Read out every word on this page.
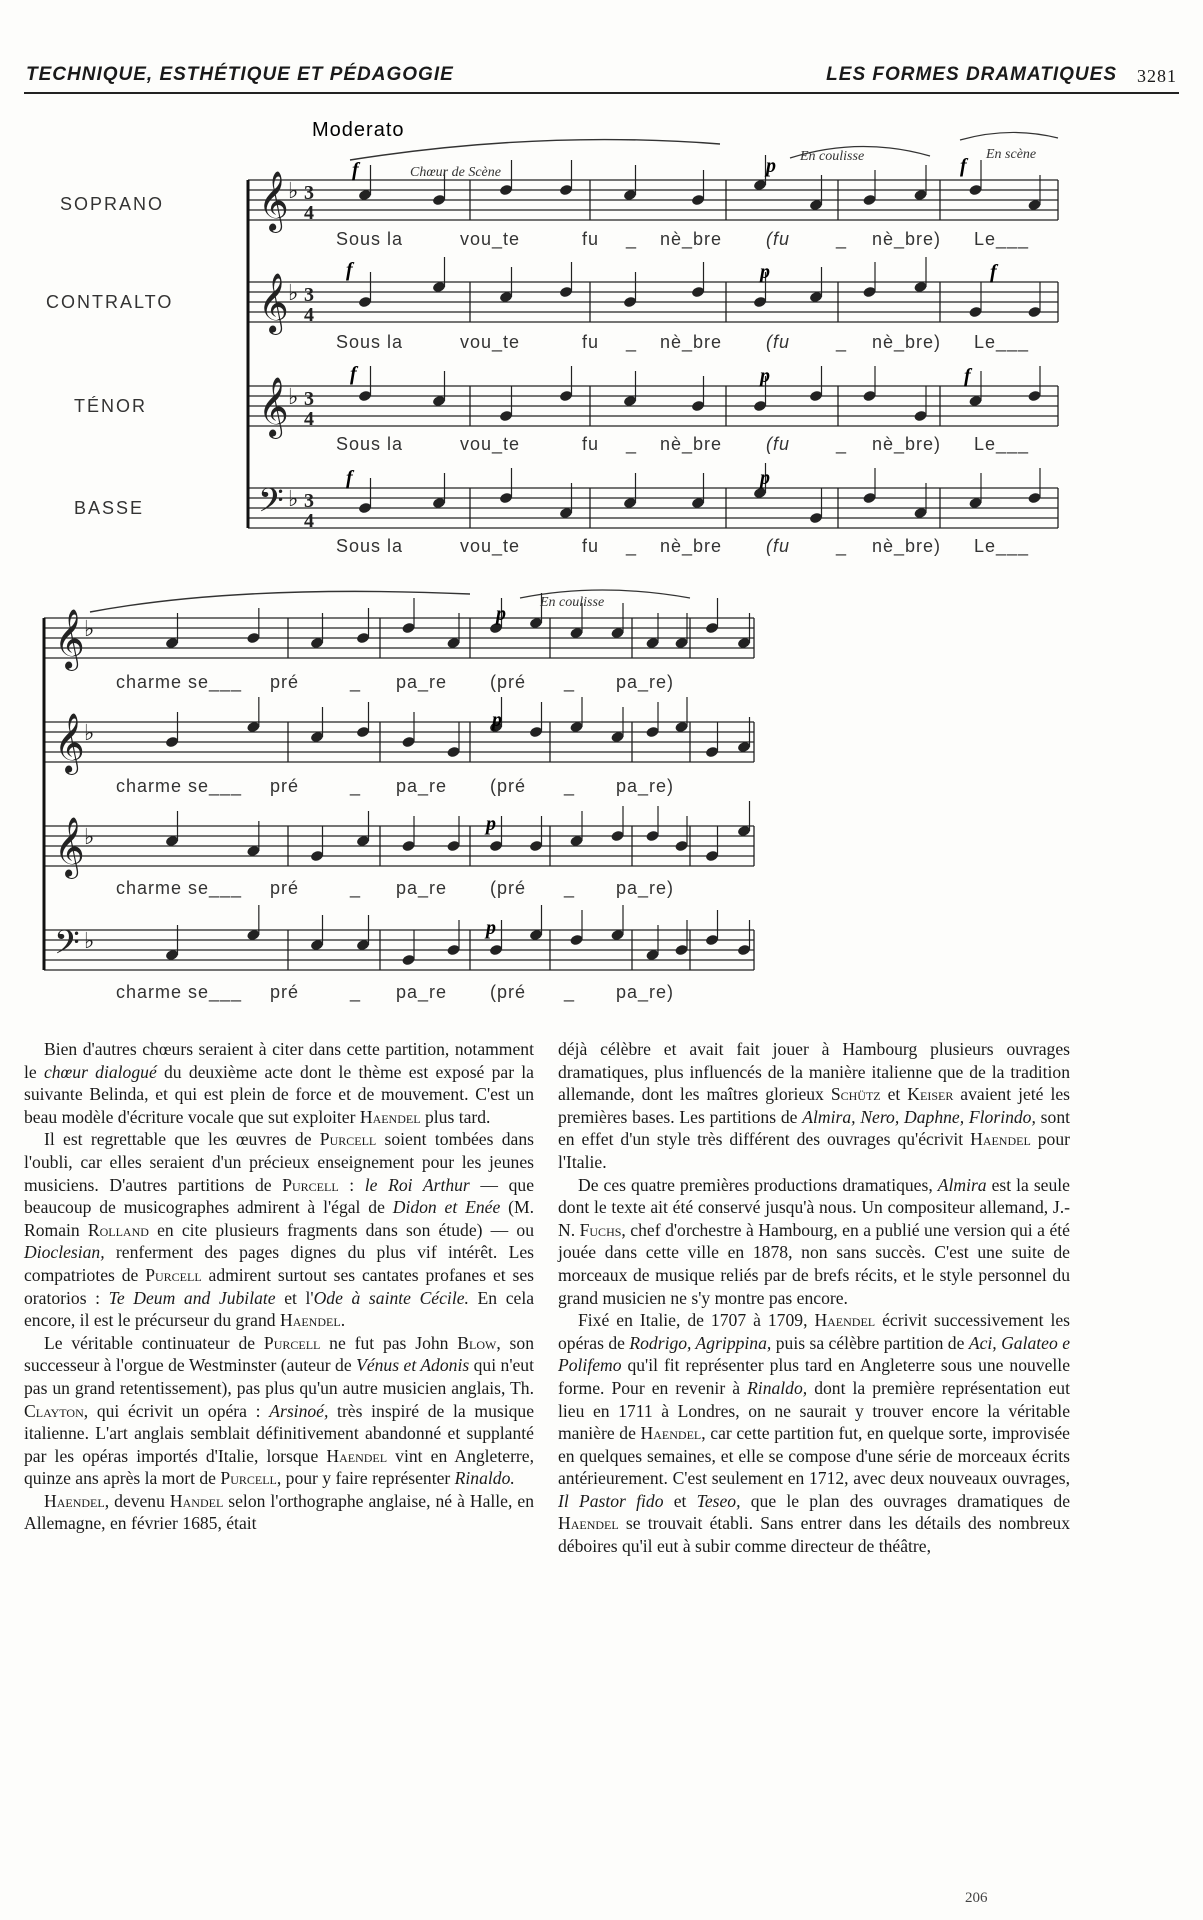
TECHNIQUE, ESTHÉTIQUE ET PÉDAGOGIE	LES FORMES DRAMATIQUES 3281
𝄞 ♭ 3
4
𝄞 ♭ 3
4
𝄞 ♭ 3
4
𝄢 ♭ 3
4
𝄞 ♭
𝄞 ♭
𝄞 ♭
𝄢 ♭
Moderato
SOPRANO
CONTRALTO
TÉNOR
BASSE
Chœur de Scène
En coulisse	En scène
En coulisse
f	p	f
f	p	f
f	p	f
f	p
p
p
p
p
Sous la	vou_te	fu _ nè_bre (fu	_ nè_bre) Le___
Sous la	vou_te	fu _ nè_bre (fu	_ nè_bre) Le___
Sous la	vou_te	fu _ nè_bre (fu	_ nè_bre) Le___
Sous la	vou_te	fu _ nè_bre (fu	_ nè_bre) Le___
charme se___ pré	_ pa_re (pré _ pa_re)
charme se___ pré	_ pa_re (pré _ pa_re)
charme se___ pré	_ pa_re (pré _ pa_re)
charme se___ pré	_ pa_re (pré _ pa_re)

Bien d'autres chœurs seraient à citer dans cette partition, notamment le chœur dialogué du deuxième acte dont le thème est exposé par la suivante Belinda, et qui est plein de force et de mouvement. C'est un beau modèle d'écriture vocale que sut exploiter Haendel plus tard.

Il est regrettable que les œuvres de Purcell soient tombées dans l'oubli, car elles seraient d'un précieux enseignement pour les jeunes musiciens. D'autres partitions de Purcell : le Roi Arthur — que beaucoup de musicographes admirent à l'égal de Didon et Enée (M. Romain Rolland en cite plusieurs fragments dans son étude) — ou Dioclesian, renferment des pages dignes du plus vif intérêt. Les compatriotes de Purcell admirent surtout ses cantates profanes et ses oratorios : Te Deum and Jubilate et l'Ode à sainte Cécile. En cela encore, il est le précurseur du grand Haendel.

Le véritable continuateur de Purcell ne fut pas John Blow, son successeur à l'orgue de Westminster (auteur de Vénus et Adonis qui n'eut pas un grand retentissement), pas plus qu'un autre musicien anglais, Th. Clayton, qui écrivit un opéra : Arsinoé, très inspiré de la musique italienne. L'art anglais semblait définitivement abandonné et supplanté par les opéras importés d'Italie, lorsque Haendel vint en Angleterre, quinze ans après la mort de Purcell, pour y faire représenter Rinaldo.

Haendel, devenu Handel selon l'orthographe anglaise, né à Halle, en Allemagne, en février 1685, était

déjà célèbre et avait fait jouer à Hambourg plusieurs ouvrages dramatiques, plus influencés de la manière italienne que de la tradition allemande, dont les maîtres glorieux Schütz et Keiser avaient jeté les premières bases. Les partitions de Almira, Nero, Daphne, Florindo, sont en effet d'un style très différent des ouvrages qu'écrivit Haendel pour l'Italie.

De ces quatre premières productions dramatiques, Almira est la seule dont le texte ait été conservé jusqu'à nous. Un compositeur allemand, J.-N. Fuchs, chef d'orchestre à Hambourg, en a publié une version qui a été jouée dans cette ville en 1878, non sans succès. C'est une suite de morceaux de musique reliés par de brefs récits, et le style personnel du grand musicien ne s'y montre pas encore.

Fixé en Italie, de 1707 à 1709, Haendel écrivit successivement les opéras de Rodrigo, Agrippina, puis sa célèbre partition de Aci, Galateo e Polifemo qu'il fit représenter plus tard en Angleterre sous une nouvelle forme. Pour en revenir à Rinaldo, dont la première représentation eut lieu en 1711 à Londres, on ne saurait y trouver encore la véritable manière de Haendel, car cette partition fut, en quelque sorte, improvisée en quelques semaines, et elle se compose d'une série de morceaux écrits antérieurement. C'est seulement en 1712, avec deux nouveaux ouvrages, Il Pastor fido et Teseo, que le plan des ouvrages dramatiques de Haendel se trouvait établi. Sans entrer dans les détails des nombreux déboires qu'il eut à subir comme directeur de théâtre,

206
